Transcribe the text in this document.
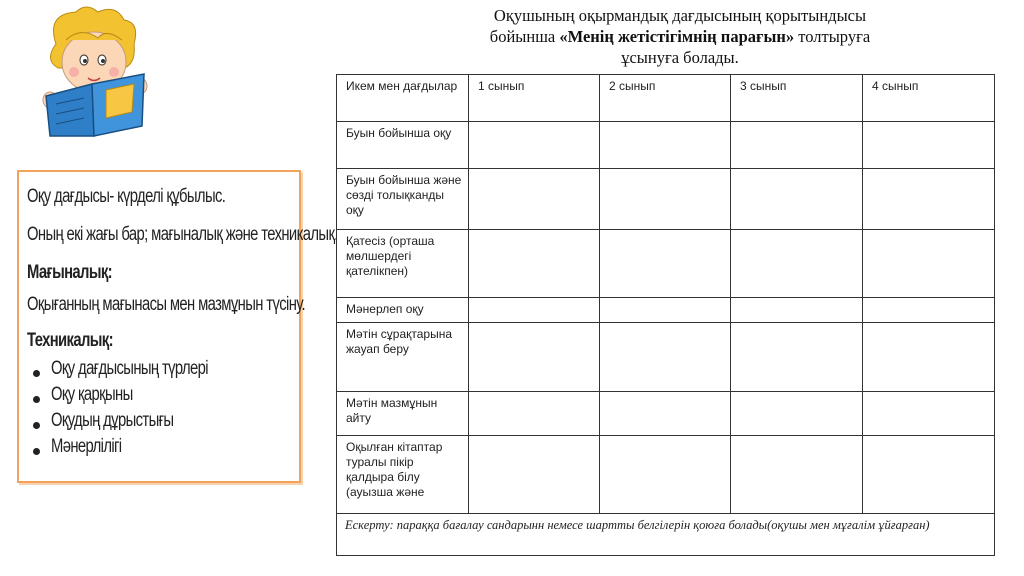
Оқу дағдысы- күрделі құбылыс.
Оның екі жағы бар; мағыналық және техникалық.
Мағыналық:
Оқығанның мағынасы мен мазмұнын түсіну.
Техникалық:
Оқу дағдысының түрлері
Оқу қарқыны
Оқудың дұрыстығы
Мәнерлілігі
Оқушының оқырмандық дағдысының қорытындысы
бойынша «Менің жетістігімнің парағын» толтыруға
ұсынуға болады.
Икем мен дағдылар	1 сынып	2 сынып	3 сынып	4 сынып
Буын бойынша оқу				
Буын бойынша және сөзді толықканды оқу				
Қатесіз (орташа мөлшердегі қателікпен)				
Мәнерлеп оқу				
Мәтін сұрақтарына жауап беру				
Мәтін мазмұнын айту				
Оқылған кітаптар туралы пікір қалдыра білу (ауызша және				
Ескерту: параққа бағалау сандарынн немесе шартты белгілерін қоюға болады(оқушы мен мұғалім ұйғарған)				
